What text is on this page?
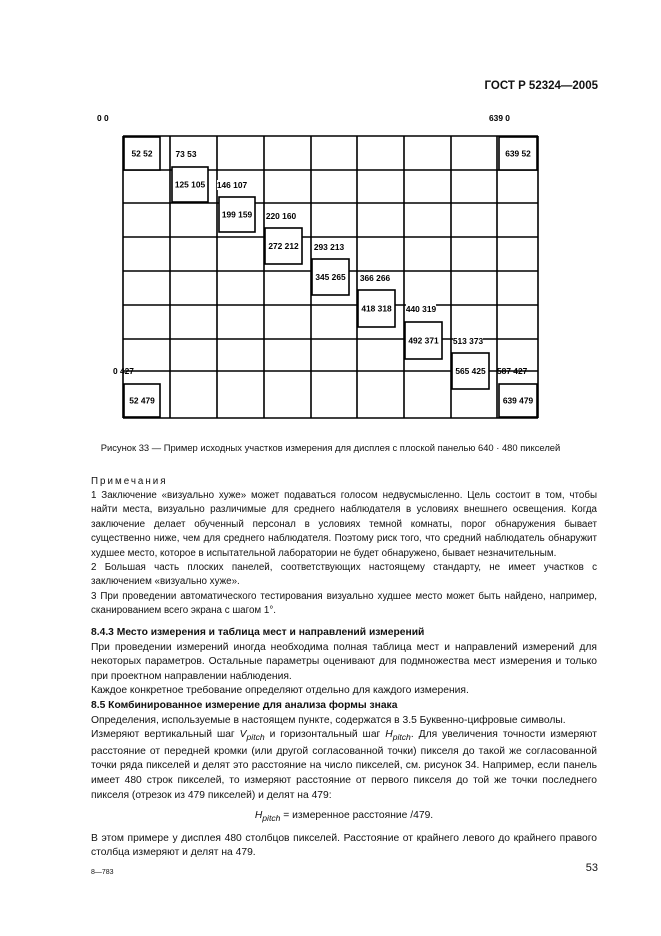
ГОСТ Р 52324—2005
0 0	639 0
0 427	587 427
52 52
125 105
199 159
272 212
345 265
418 318
492 371
565 425
639 52
52 479	639 479
73 53
146 107
220 160
293 213
366 266
440 319
513 373
Рисунок 33 — Пример исходных участков измерения для дисплея с плоской панелью 640 · 480 пикселей
Примечания

1 Заключение «визуально хуже» может подаваться голосом недвусмысленно. Цель состоит в том, чтобы найти места, визуально различимые для среднего наблюдателя в условиях внешнего освещения. Когда заключение делает обученный персонал в условиях темной комнаты, порог обнаружения бывает существенно ниже, чем для среднего наблюдателя. Поэтому риск того, что средний наблюдатель обнаружит худшее место, которое в испытательной лаборатории не будет обнаружено, бывает незначительным.

2 Большая часть плоских панелей, соответствующих настоящему стандарту, не имеет участков с заключением «визуально хуже».

3 При проведении автоматического тестирования визуально худшее место может быть найдено, например, сканированием всего экрана с шагом 1°.

8.4.3 Место измерения и таблица мест и направлений измерений

При проведении измерений иногда необходима полная таблица мест и направлений измерений для некоторых параметров. Остальные параметры оценивают для подмножества мест измерения и только при проектном направлении наблюдения.

Каждое конкретное требование определяют отдельно для каждого измерения.

8.5 Комбинированное измерение для анализа формы знака

Определения, используемые в настоящем пункте, содержатся в 3.5 Буквенно-цифровые символы.

Измеряют вертикальный шаг $V_{pitch}$ и горизонтальный шаг $H_{pitch}$. Для увеличения точности измеряют расстояние от передней кромки (или другой согласованной точки) пикселя до такой же согласованной точки ряда пикселей и делят это расстояние на число пикселей, см. рисунок 34. Например, если панель имеет 480 строк пикселей, то измеряют расстояние от первого пикселя до той же точки последнего пикселя (отрезок из 479 пикселей) и делят на 479:

$H_{pitch}$ = измеренное расстояние /479.

В этом примере у дисплея 480 столбцов пикселей. Расстояние от крайнего левого до крайнего правого столбца измеряют и делят на 479.

8—783	53
